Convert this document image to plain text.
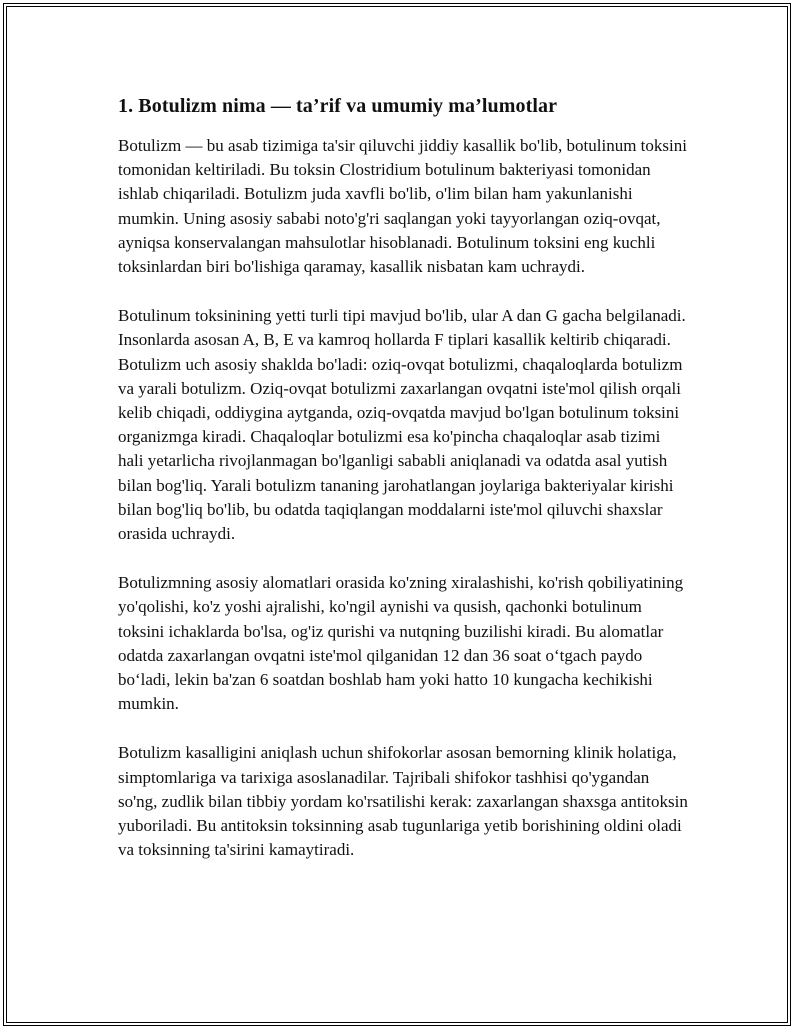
1. Botulizm nima — ta’rif va umumiy ma’lumotlar

Botulizm — bu asab tizimiga ta'sir qiluvchi jiddiy kasallik bo'lib, botulinum toksini tomonidan keltiriladi. Bu toksin Clostridium botulinum bakteriyasi tomonidan ishlab chiqariladi. Botulizm juda xavfli bo'lib, o'lim bilan ham yakunlanishi mumkin. Uning asosiy sababi noto'g'ri saqlangan yoki tayyorlangan oziq-ovqat, ayniqsa konservalangan mahsulotlar hisoblanadi. Botulinum toksini eng kuchli toksinlardan biri bo'lishiga qaramay, kasallik nisbatan kam uchraydi.

Botulinum toksinining yetti turli tipi mavjud bo'lib, ular A dan G gacha belgilanadi. Insonlarda asosan A, B, E va kamroq hollarda F tiplari kasallik keltirib chiqaradi. Botulizm uch asosiy shaklda bo'ladi: oziq-ovqat botulizmi, chaqaloqlarda botulizm va yarali botulizm. Oziq-ovqat botulizmi zaxarlangan ovqatni iste'mol qilish orqali kelib chiqadi, oddiygina aytganda, oziq-ovqatda mavjud bo'lgan botulinum toksini organizmga kiradi. Chaqaloqlar botulizmi esa ko'pincha chaqaloqlar asab tizimi hali yetarlicha rivojlanmagan bo'lganligi sababli aniqlanadi va odatda asal yutish bilan bog'liq. Yarali botulizm tananing jarohatlangan joylariga bakteriyalar kirishi bilan bog'liq bo'lib, bu odatda taqiqlangan moddalarni iste'mol qiluvchi shaxslar orasida uchraydi.

Botulizmning asosiy alomatlari orasida ko'zning xiralashishi, ko'rish qobiliyatining yo'qolishi, ko'z yoshi ajralishi, ko'ngil aynishi va qusish, qachonki botulinum toksini ichaklarda bo'lsa, og'iz qurishi va nutqning buzilishi kiradi. Bu alomatlar odatda zaxarlangan ovqatni iste'mol qilganidan 12 dan 36 soat o‘tgach paydo bo‘ladi, lekin ba'zan 6 soatdan boshlab ham yoki hatto 10 kungacha kechikishi mumkin.

Botulizm kasalligini aniqlash uchun shifokorlar asosan bemorning klinik holatiga, simptomlariga va tarixiga asoslanadilar. Tajribali shifokor tashhisi qo'ygandan so'ng, zudlik bilan tibbiy yordam ko'rsatilishi kerak: zaxarlangan shaxsga antitoksin yuboriladi. Bu antitoksin toksinning asab tugunlariga yetib borishining oldini oladi va toksinning ta'sirini kamaytiradi.
